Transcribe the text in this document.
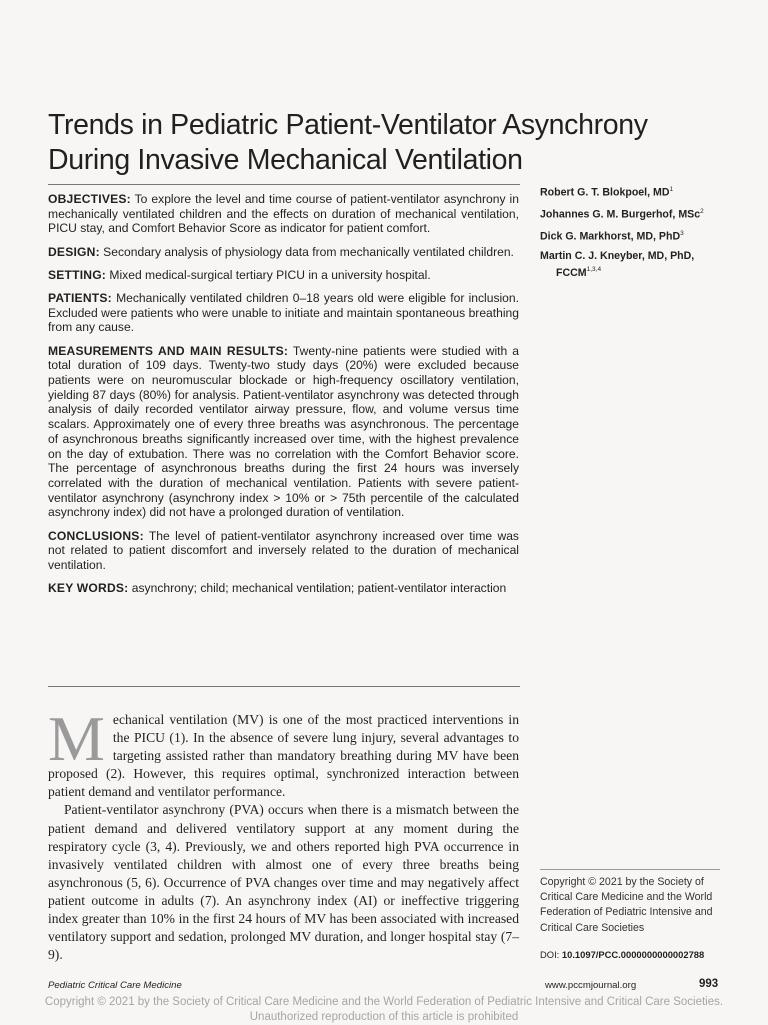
Trends in Pediatric Patient-Ventilator Asynchrony
During Invasive Mechanical Ventilation

OBJECTIVES: To explore the level and time course of patient-ventilator asynchrony in mechanically ventilated children and the effects on duration of mechanical ventilation, PICU stay, and Comfort Behavior Score as indicator for patient comfort.

DESIGN: Secondary analysis of physiology data from mechanically ventilated children.

SETTING: Mixed medical-surgical tertiary PICU in a university hospital.

PATIENTS: Mechanically ventilated children 0–18 years old were eligible for inclusion. Excluded were patients who were unable to initiate and maintain spontaneous breathing from any cause.

MEASUREMENTS AND MAIN RESULTS: Twenty-nine patients were studied with a total duration of 109 days. Twenty-two study days (20%) were excluded because patients were on neuromuscular blockade or high-frequency oscillatory ventilation, yielding 87 days (80%) for analysis. Patient-ventilator asynchrony was detected through analysis of daily recorded ventilator airway pressure, flow, and volume versus time scalars. Approximately one of every three breaths was asynchronous. The percentage of asynchronous breaths significantly increased over time, with the highest prevalence on the day of extubation. There was no correlation with the Comfort Behavior score. The percentage of asynchronous breaths during the first 24 hours was inversely correlated with the duration of mechanical ventilation. Patients with severe patient-ventilator asynchrony (asynchrony index > 10% or > 75th percentile of the calculated asynchrony index) did not have a prolonged duration of ventilation.

CONCLUSIONS: The level of patient-ventilator asynchrony increased over time was not related to patient discomfort and inversely related to the duration of mechanical ventilation.

KEY WORDS: asynchrony; child; mechanical ventilation; patient-ventilator interaction

Robert G. T. Blokpoel, $MD^1$
Johannes G. M. Burgerhof, MSc$^2$
Dick G. Markhorst, MD, PhD$^3$
Martin C. J. Kneyber, MD, PhD,
FCCM$^{1,3,4}$

Mechanical ventilation (MV) is one of the most practiced interventions in the PICU (1). In the absence of severe lung injury, several advantages to targeting assisted rather than mandatory breathing during MV have been proposed (2). However, this requires optimal, synchronized interaction between patient demand and ventilator performance.

Patient-ventilator asynchrony (PVA) occurs when there is a mismatch between the patient demand and delivered ventilatory support at any moment during the respiratory cycle (3, 4). Previously, we and others reported high PVA occurrence in invasively ventilated children with almost one of every three breaths being asynchronous (5, 6). Occurrence of PVA changes over time and may negatively affect patient outcome in adults (7). An asynchrony index (AI) or ineffective triggering index greater than 10% in the first 24 hours of MV has been associated with increased ventilatory support and sedation, prolonged MV duration, and longer hospital stay (7–9).

Copyright © 2021 by the Society of Critical Care Medicine and the World Federation of Pediatric Intensive and Critical Care Societies
DOI: 10.1097/PCC.0000000000002788
Pediatric Critical Care Medicine	www.pccmjournal.org	993
Copyright © 2021 by the Society of Critical Care Medicine and the World Federation of Pediatric Intensive and Critical Care Societies.
Unauthorized reproduction of this article is prohibited
